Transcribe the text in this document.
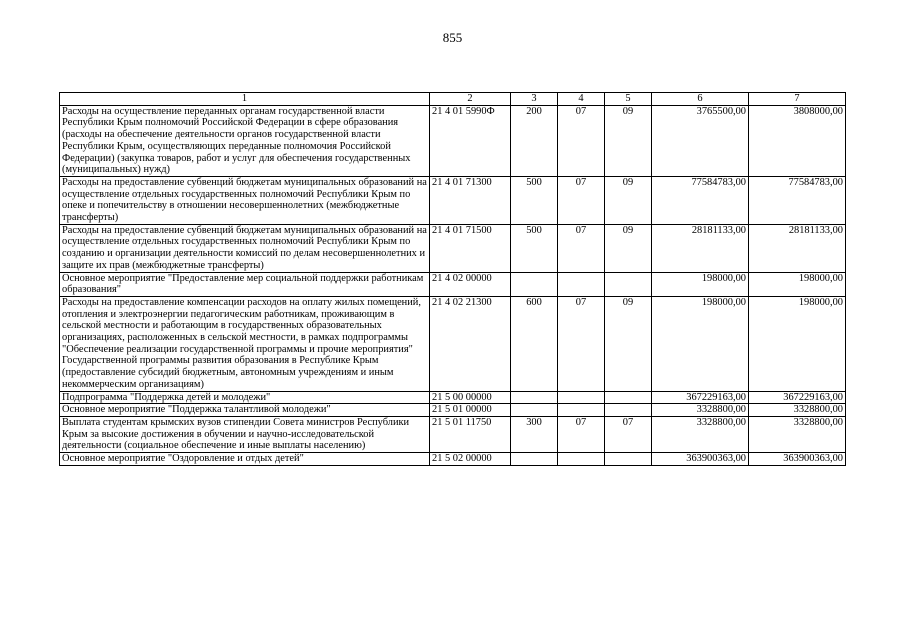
855
1	2	3	4	5	6	7
Расходы на осуществление переданных органам государственной власти Республики Крым полномочий Российской Федерации в сфере образования (расходы на обеспечение деятельности органов государственной власти Республики Крым, осуществляющих переданные полномочия Российской Федерации) (закупка товаров, работ и услуг для обеспечения государственных (муниципальных) нужд)	21 4 01 5990Ф	200	07	09	3765500,00	3808000,00
Расходы на предоставление субвенций бюджетам муниципальных образований на осуществление отдельных государственных полномочий Республики Крым по опеке и попечительству в отношении несовершеннолетних (межбюджетные трансферты)	21 4 01 71300	500	07	09	77584783,00	77584783,00
Расходы на предоставление субвенций бюджетам муниципальных образований на осуществление отдельных государственных полномочий Республики Крым по созданию и организации деятельности комиссий по делам несовершеннолетних и защите их прав (межбюджетные трансферты)	21 4 01 71500	500	07	09	28181133,00	28181133,00
Основное мероприятие "Предоставление мер социальной поддержки работникам образования"	21 4 02 00000				198000,00	198000,00
Расходы на предоставление компенсации расходов на оплату жилых помещений, отопления и электроэнергии педагогическим работникам, проживающим в сельской местности и работающим в государственных образовательных организациях, расположенных в сельской местности, в рамках подпрограммы "Обеспечение реализации государственной программы и прочие мероприятия" Государственной программы развития образования в Республике Крым (предоставление субсидий бюджетным, автономным учреждениям и иным некоммерческим организациям)	21 4 02 21300	600	07	09	198000,00	198000,00
Подпрограмма "Поддержка детей и молодежи"	21 5 00 00000				367229163,00	367229163,00
Основное мероприятие "Поддержка талантливой молодежи"	21 5 01 00000				3328800,00	3328800,00
Выплата студентам крымских вузов стипендии Совета министров Республики Крым за высокие достижения в обучении и научно-исследовательской деятельности (социальное обеспечение и иные выплаты населению)	21 5 01 11750	300	07	07	3328800,00	3328800,00
Основное мероприятие "Оздоровление и отдых детей"	21 5 02 00000				363900363,00	363900363,00
